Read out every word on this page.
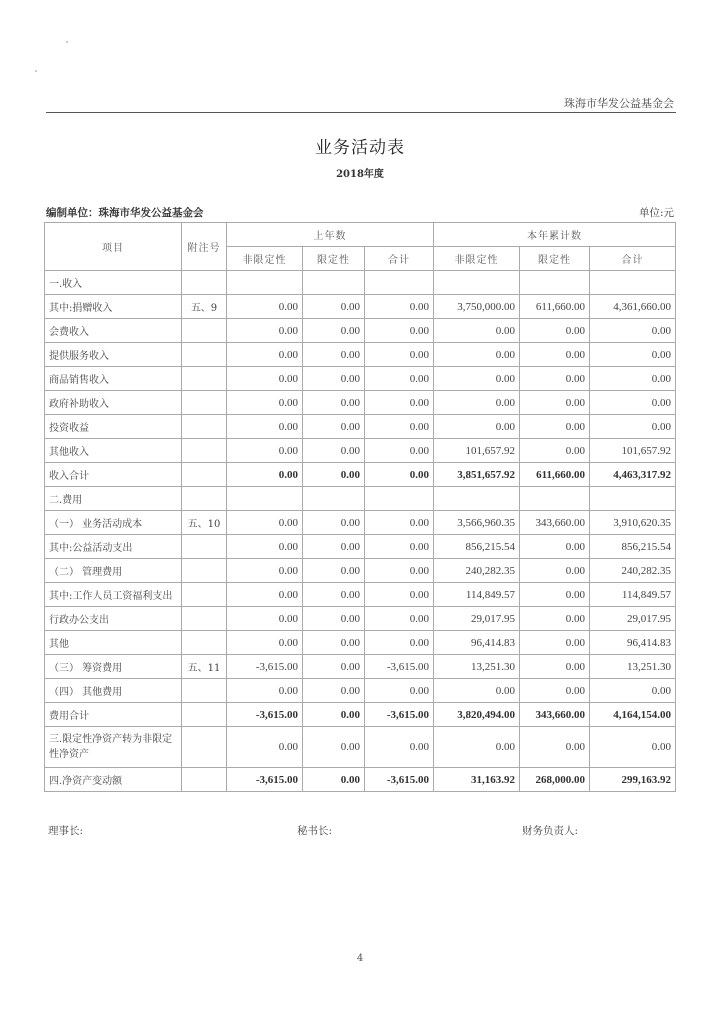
珠海市华发公益基金会
业务活动表
2018年度
编制单位：珠海市华发公益基金会	单位:元
项目	附注号	上年数			本年累计数		
		非限定性	限定性	合计	非限定性	限定性	合计
一.收入							
其中:捐赠收入	五、9	0.00	0.00	0.00	3,750,000.00	611,660.00	4,361,660.00
会费收入		0.00	0.00	0.00	0.00	0.00	0.00
提供服务收入		0.00	0.00	0.00	0.00	0.00	0.00
商品销售收入		0.00	0.00	0.00	0.00	0.00	0.00
政府补助收入		0.00	0.00	0.00	0.00	0.00	0.00
投资收益		0.00	0.00	0.00	0.00	0.00	0.00
其他收入		0.00	0.00	0.00	101,657.92	0.00	101,657.92
收入合计		0.00	0.00	0.00	3,851,657.92	611,660.00	4,463,317.92
二.费用							
（一） 业务活动成本	五、10	0.00	0.00	0.00	3,566,960.35	343,660.00	3,910,620.35
其中:公益活动支出		0.00	0.00	0.00	856,215.54	0.00	856,215.54
（二） 管理费用		0.00	0.00	0.00	240,282.35	0.00	240,282.35
其中:工作人员工资福利支出		0.00	0.00	0.00	114,849.57	0.00	114,849.57
行政办公支出		0.00	0.00	0.00	29,017.95	0.00	29,017.95
其他		0.00	0.00	0.00	96,414.83	0.00	96,414.83
（三） 筹资费用	五、11	-3,615.00	0.00	-3,615.00	13,251.30	0.00	13,251.30
（四） 其他费用		0.00	0.00	0.00	0.00	0.00	0.00
费用合计		-3,615.00	0.00	-3,615.00	3,820,494.00	343,660.00	4,164,154.00
三.限定性净资产转为非限定性净资产		0.00	0.00	0.00	0.00	0.00	0.00
四.净资产变动额		-3,615.00	0.00	-3,615.00	31,163.92	268,000.00	299,163.92
理事长:	秘书长:	财务负责人:
4
